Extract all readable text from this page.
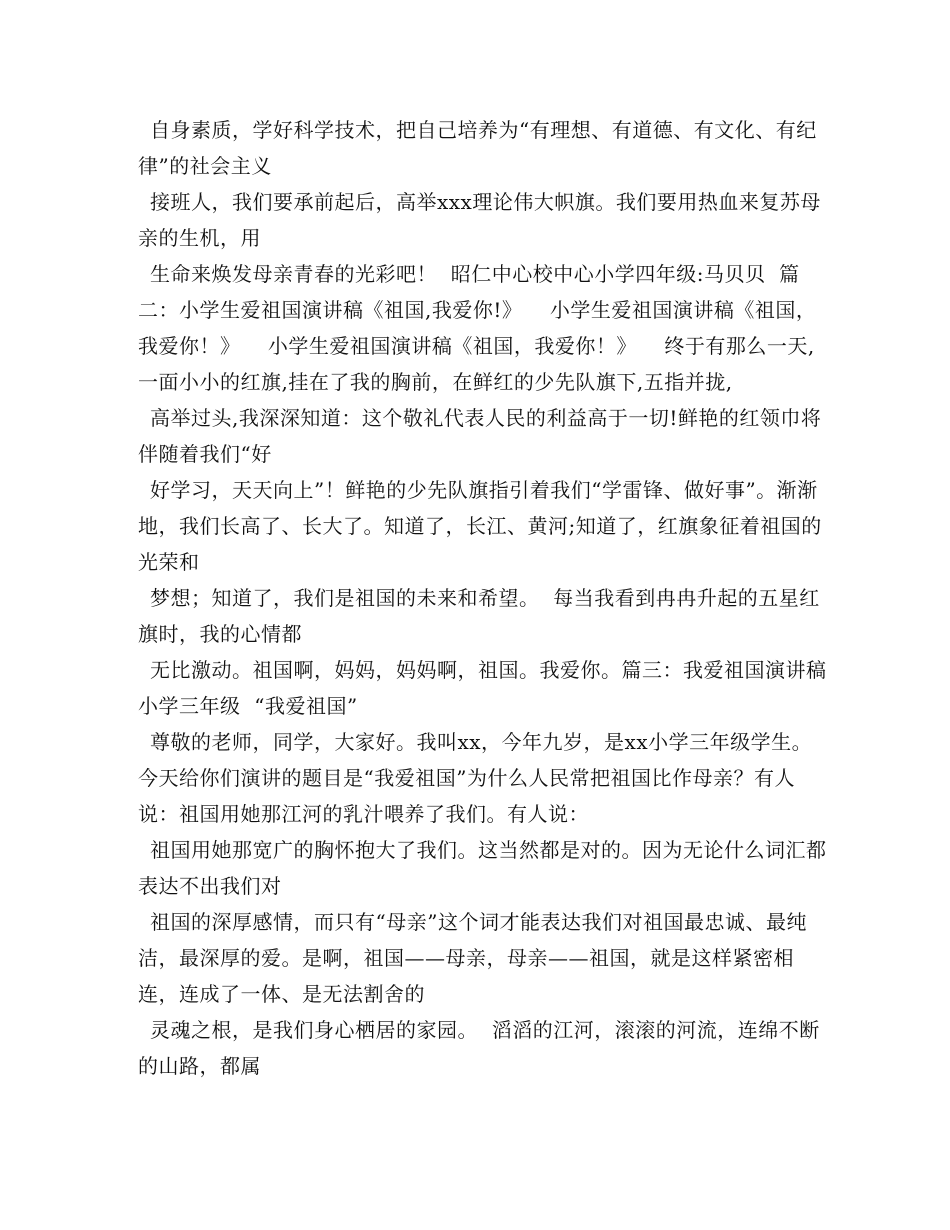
自身素质，学好科学技术，把自己培养为“有理想、有道德、有文化、有纪律”的社会主义

接班人，我们要承前起后，高举xxx理论伟大帜旗。我们要用热血来复苏母亲的生机，用

生命来焕发母亲青春的光彩吧！  昭仁中心校中心小学四年级:马贝贝  篇二：小学生爱祖国演讲稿《祖国,我爱你!》    小学生爱祖国演讲稿《祖国，我爱你！》    小学生爱祖国演讲稿《祖国，我爱你！》    终于有那么一天, 一面小小的红旗,挂在了我的胸前，在鲜红的少先队旗下,五指并拢,

高举过头,我深深知道：这个敬礼代表人民的利益高于一切!鲜艳的红领巾将伴随着我们“好

好学习，天天向上”！鲜艳的少先队旗指引着我们“学雷锋、做好事”。渐渐地，我们长高了、长大了。知道了，长江、黄河;知道了，红旗象征着祖国的光荣和

梦想；知道了，我们是祖国的未来和希望。  每当我看到冉冉升起的五星红旗时，我的心情都

无比激动。祖国啊，妈妈，妈妈啊，祖国。我爱你。篇三：我爱祖国演讲稿小学三年级  “我爱祖国”

尊敬的老师，同学，大家好。我叫xx，今年九岁，是xx小学三年级学生。    今天给你们演讲的题目是“我爱祖国”为什么人民常把祖国比作母亲？有人说：祖国用她那江河的乳汁喂养了我们。有人说：

祖国用她那宽广的胸怀抱大了我们。这当然都是对的。因为无论什么词汇都表达不出我们对

祖国的深厚感情，而只有“母亲”这个词才能表达我们对祖国最忠诚、最纯洁，最深厚的爱。是啊，祖国——母亲，母亲——祖国，就是这样紧密相连，连成了一体、是无法割舍的

灵魂之根，是我们身心栖居的家园。  滔滔的江河，滚滚的河流，连绵不断的山路，都属
